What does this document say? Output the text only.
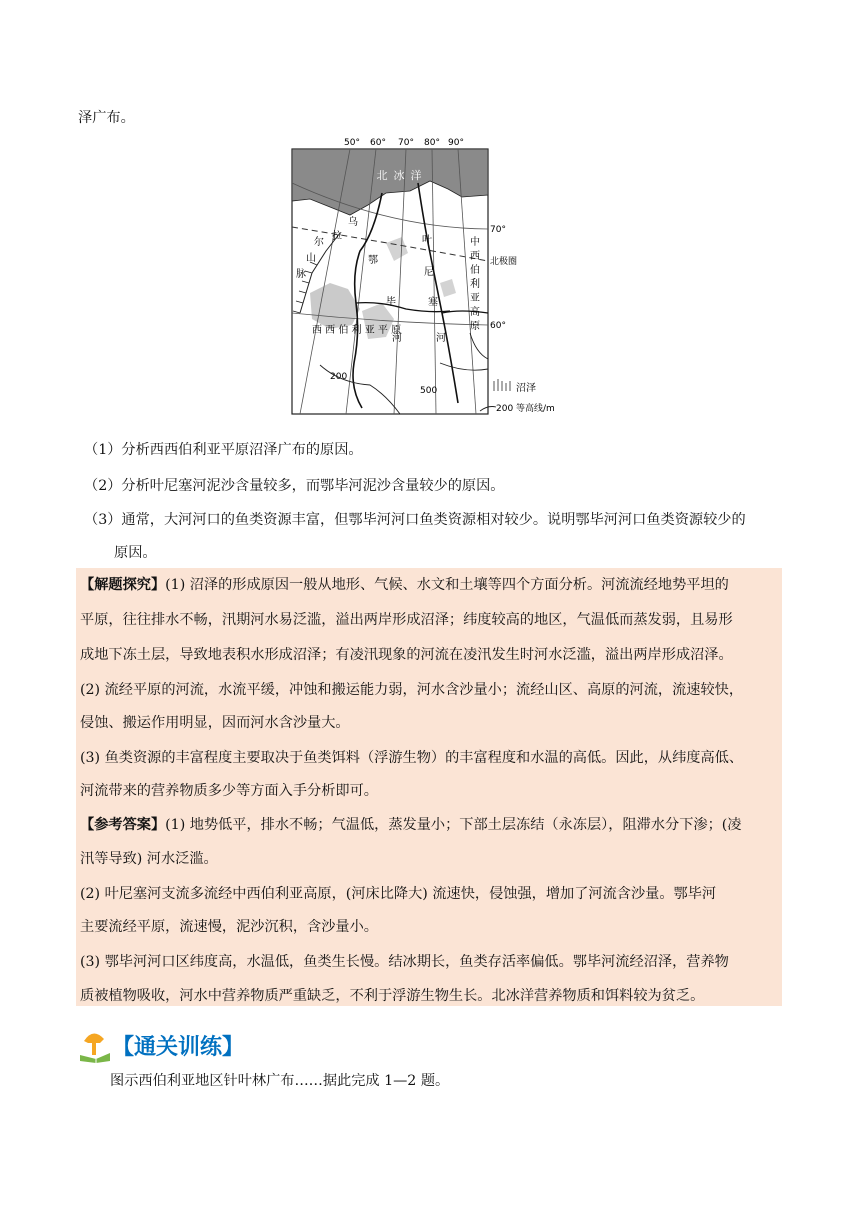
泽广布。
50° 60° 70° 80° 90°
北冰洋
70°
60°
北极圈
乌
拉
尔
山
脉
鄂
毕
河
叶
尼
塞
河
中
西
伯
利
亚
高
原
西 西 伯 利 亚 平 原
200
500	沼泽
200 等高线/m
（1）分析西西伯利亚平原沼泽广布的原因。
（2）分析叶尼塞河泥沙含量较多，而鄂毕河泥沙含量较少的原因。
（3）通常，大河河口的鱼类资源丰富，但鄂毕河河口鱼类资源相对较少。说明鄂毕河河口鱼类资源较少的
原因。
【解题探究】(1) 沼泽的形成原因一般从地形、气候、水文和土壤等四个方面分析。河流流经地势平坦的
平原，往往排水不畅，汛期河水易泛滥，溢出两岸形成沼泽；纬度较高的地区，气温低而蒸发弱，且易形
成地下冻土层，导致地表积水形成沼泽；有凌汛现象的河流在凌汛发生时河水泛滥，溢出两岸形成沼泽。
(2) 流经平原的河流，水流平缓，冲蚀和搬运能力弱，河水含沙量小；流经山区、高原的河流，流速较快，
侵蚀、搬运作用明显，因而河水含沙量大。
(3) 鱼类资源的丰富程度主要取决于鱼类饵料（浮游生物）的丰富程度和水温的高低。因此，从纬度高低、
河流带来的营养物质多少等方面入手分析即可。
【参考答案】(1) 地势低平，排水不畅；气温低，蒸发量小；下部土层冻结（永冻层），阻滞水分下渗；(凌
汛等导致) 河水泛滥。
(2) 叶尼塞河支流多流经中西伯利亚高原，(河床比降大) 流速快，侵蚀强，增加了河流含沙量。鄂毕河
主要流经平原，流速慢，泥沙沉积，含沙量小。
(3) 鄂毕河河口区纬度高，水温低，鱼类生长慢。结冰期长，鱼类存活率偏低。鄂毕河流经沼泽，营养物
质被植物吸收，河水中营养物质严重缺乏，不利于浮游生物生长。北冰洋营养物质和饵料较为贫乏。
【通关训练】
图示西伯利亚地区针叶林广布……据此完成 1—2 题。
